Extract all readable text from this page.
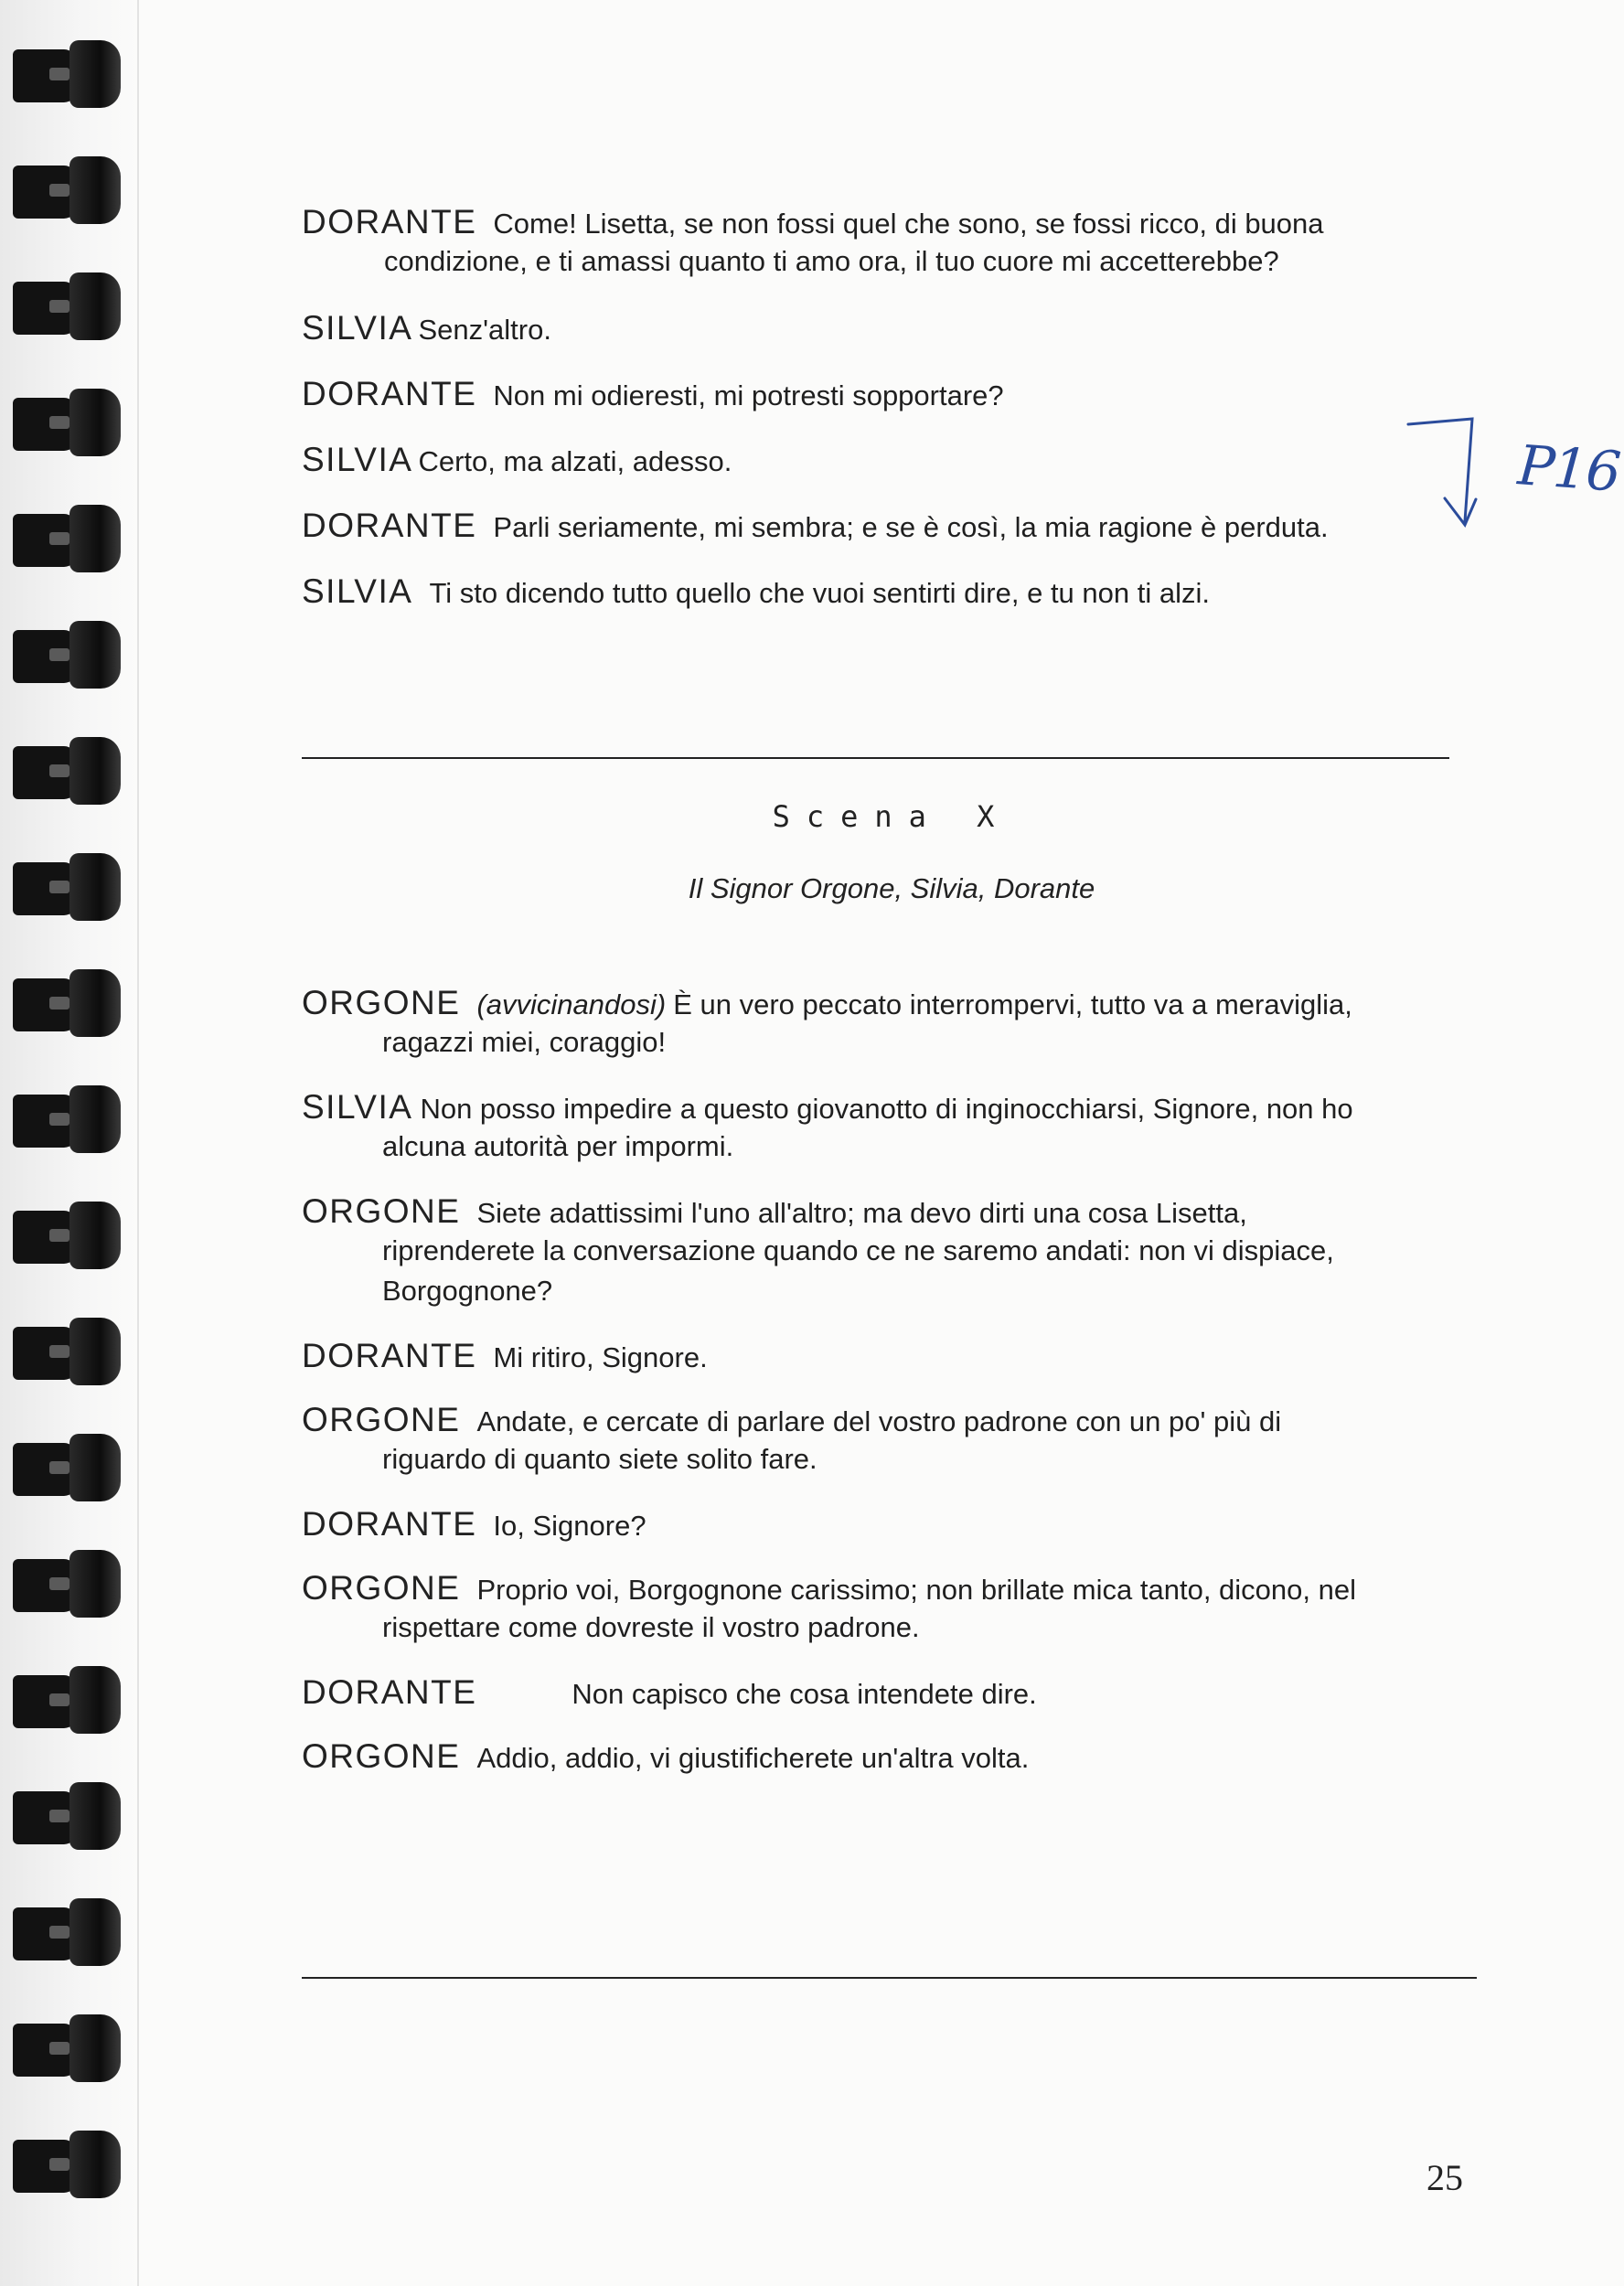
DORANTE Come! Lisetta, se non fossi quel che sono, se fossi ricco, di buona
condizione, e ti amassi quanto ti amo ora, il tuo cuore mi accetterebbe?
SILVIA Senz'altro.
DORANTE Non mi odieresti, mi potresti sopportare?
SILVIA Certo, ma alzati, adesso.
DORANTE Parli seriamente, mi sembra; e se è così, la mia ragione è perduta.
SILVIA Ti sto dicendo tutto quello che vuoi sentirti dire, e tu non ti alzi.
Scena X
Il Signor Orgone, Silvia, Dorante
ORGONE (avvicinandosi) È un vero peccato interrompervi, tutto va a meraviglia,
ragazzi miei, coraggio!
SILVIA Non posso impedire a questo giovanotto di inginocchiarsi, Signore, non ho
alcuna autorità per impormi.
ORGONE Siete adattissimi l'uno all'altro; ma devo dirti una cosa Lisetta,
riprenderete la conversazione quando ce ne saremo andati: non vi dispiace,
Borgognone?
DORANTE Mi ritiro, Signore.
ORGONE Andate, e cercate di parlare del vostro padrone con un po' più di
riguardo di quanto siete solito fare.
DORANTE Io, Signore?
ORGONE Proprio voi, Borgognone carissimo; non brillate mica tanto, dicono, nel
rispettare come dovreste il vostro padrone.
DORANTE	Non capisco che cosa intendete dire.
ORGONE Addio, addio, vi giustificherete un'altra volta.
P16
25
